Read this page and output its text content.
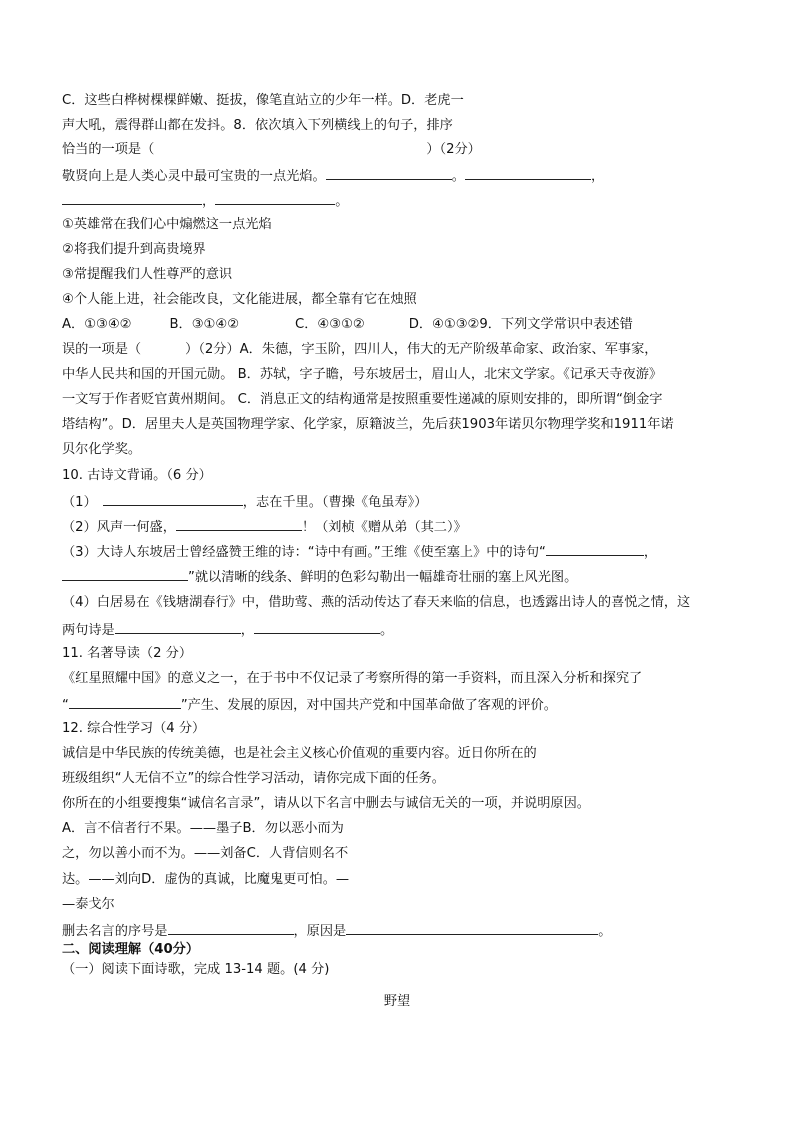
C．这些白桦树棵棵鲜嫩、挺拔，像笔直站立的少年一样。D．老虎一
声大吼，震得群山都在发抖。8．依次填入下列横线上的句子，排序
恰当的一项是（	）（2分）
敬贤向上是人类心灵中最可宝贵的一点光焰。	。	，
，	。
①英雄常在我们心中煽燃这一点光焰
②将我们提升到高贵境界
③常提醒我们人性尊严的意识
④个人能上进，社会能改良，文化能进展，都全靠有它在烛照
A．①③④②	B．③①④②	C．④③①②	D．④①③②9．下列文学常识中表述错
误的一项是（	）（2分）A．朱德，字玉阶，四川人，伟大的无产阶级革命家、政治家、军事家，
中华人民共和国的开国元勋。 B．苏轼，字子瞻，号东坡居士，眉山人，北宋文学家。《记承天寺夜游》
一文写于作者贬官黄州期间。 C．消息正文的结构通常是按照重要性递减的原则安排的，即所谓“倒金字
塔结构”。D．居里夫人是英国物理学家、化学家，原籍波兰，先后获1903年诺贝尔物理学奖和1911年诺
贝尔化学奖。
10. 古诗文背诵。（6 分）
（1）	，志在千里。（曹操《龟虽寿》）
（2）风声一何盛，	！（刘桢《赠从弟（其二）》
（3）大诗人东坡居士曾经盛赞王维的诗：“诗中有画。”王维《使至塞上》中的诗句“	，
”就以清晰的线条、鲜明的色彩勾勒出一幅雄奇壮丽的塞上风光图。
（4）白居易在《钱塘湖春行》中，借助莺、燕的活动传达了春天来临的信息，也透露出诗人的喜悦之情，这
两句诗是	，	。
11. 名著导读（2 分）
《红星照耀中国》的意义之一，在于书中不仅记录了考察所得的第一手资料，而且深入分析和探究了
“	”产生、发展的原因，对中国共产党和中国革命做了客观的评价。
12. 综合性学习（4 分）
诚信是中华民族的传统美德，也是社会主义核心价值观的重要内容。近日你所在的
班级组织“人无信不立”的综合性学习活动，请你完成下面的任务。
你所在的小组要搜集“诚信名言录”，请从以下名言中删去与诚信无关的一项，并说明原因。
A．言不信者行不果。——墨子B．勿以恶小而为
之，勿以善小而不为。——刘备C．人背信则名不
达。——刘向D．虚伪的真诚，比魔鬼更可怕。—
—泰戈尔
删去名言的序号是	，原因是	。
二、阅读理解（40分）
（一）阅读下面诗歌，完成 13-14 题。(4 分)
野望
